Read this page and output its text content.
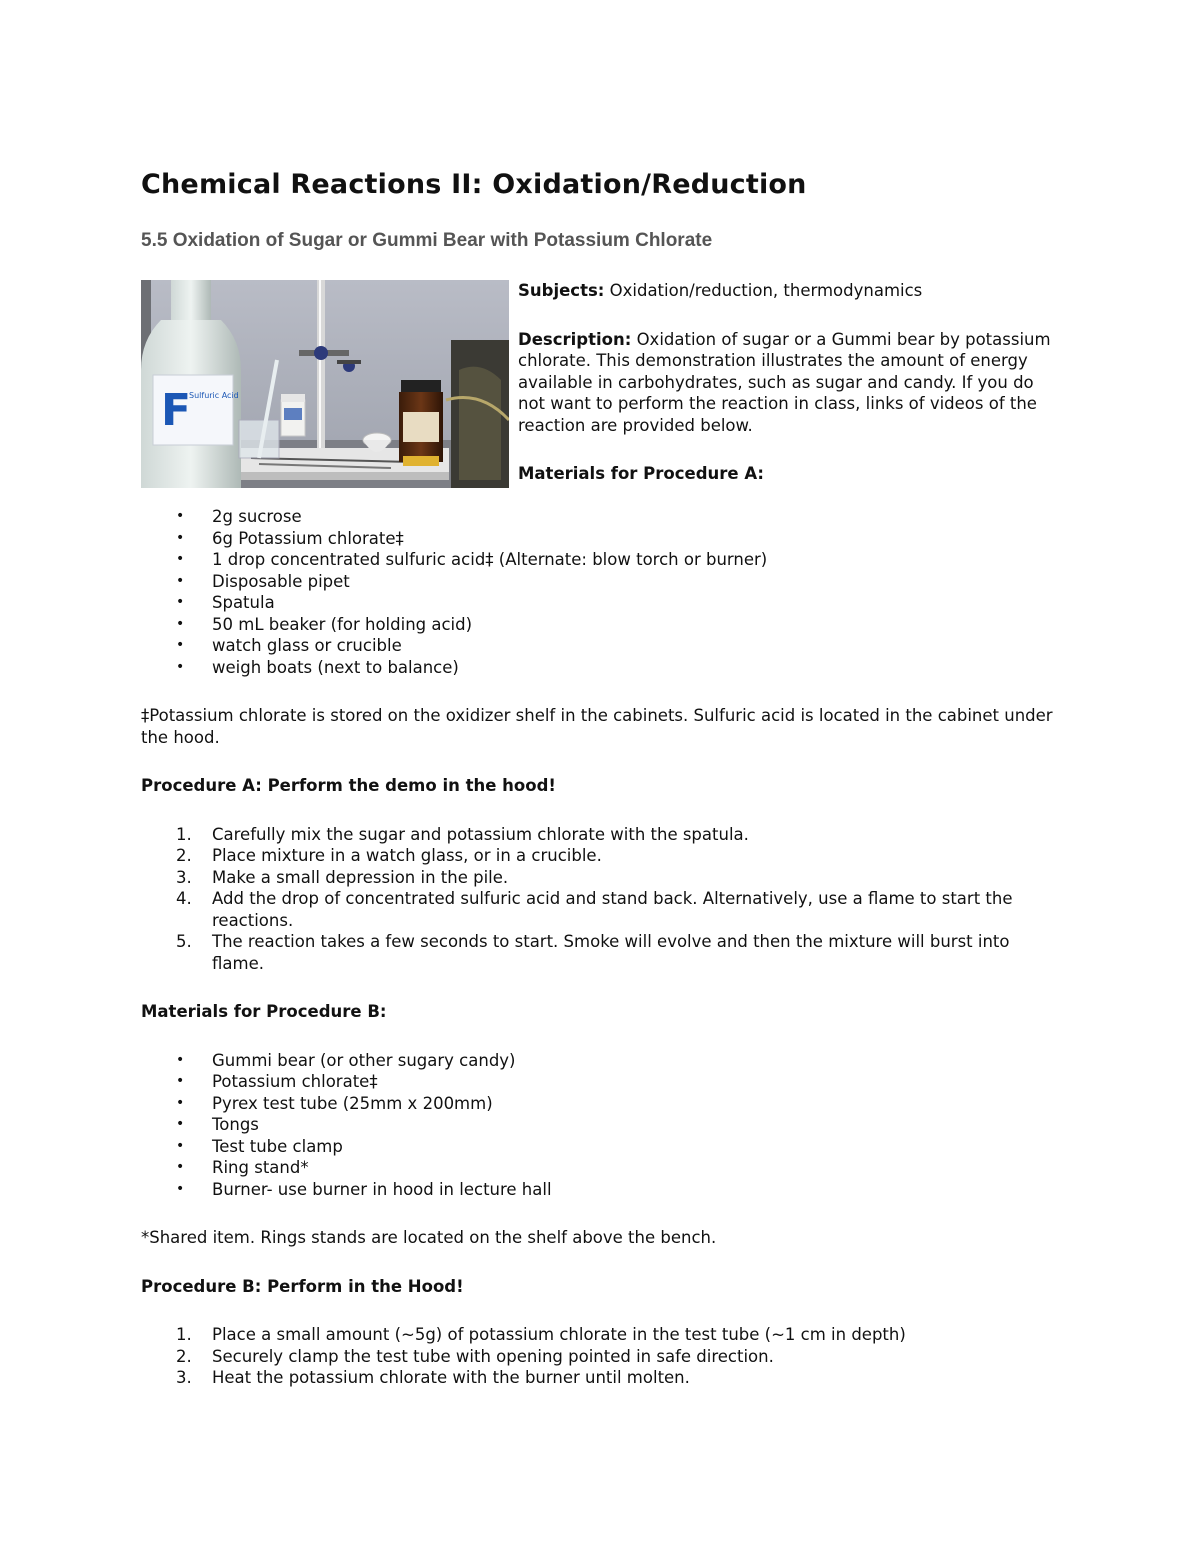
Chemical Reactions II: Oxidation/Reduction
5.5 Oxidation of Sugar or Gummi Bear with Potassium Chlorate
F
Sulfuric Acid

Subjects: Oxidation/reduction, thermodynamics

Description: Oxidation of sugar or a Gummi bear by potassium chlorate. This demonstration illustrates the amount of energy available in carbohydrates, such as sugar and candy. If you do not want to perform the reaction in class, links of videos of the reaction are provided below.

Materials for Procedure A:

• 2g sucrose
• 6g Potassium chlorate‡
• 1 drop concentrated sulfuric acid‡ (Alternate: blow torch or burner)
• Disposable pipet
• Spatula
• 50 mL beaker (for holding acid)
• watch glass or crucible
• weigh boats (next to balance)

‡Potassium chlorate is stored on the oxidizer shelf in the cabinets. Sulfuric acid is located in the cabinet under the hood.

Procedure A: Perform the demo in the hood!

1. Carefully mix the sugar and potassium chlorate with the spatula.
2. Place mixture in a watch glass, or in a crucible.
3. Make a small depression in the pile.
4. Add the drop of concentrated sulfuric acid and stand back. Alternatively, use a flame to start the reactions.
5. The reaction takes a few seconds to start. Smoke will evolve and then the mixture will burst into flame.

Materials for Procedure B:

• Gummi bear (or other sugary candy)
• Potassium chlorate‡
• Pyrex test tube (25mm x 200mm)
• Tongs
• Test tube clamp
• Ring stand*
• Burner- use burner in hood in lecture hall

*Shared item. Rings stands are located on the shelf above the bench.

Procedure B: Perform in the Hood!

1. Place a small amount (~5g) of potassium chlorate in the test tube (~1 cm in depth)
2. Securely clamp the test tube with opening pointed in safe direction.
3. Heat the potassium chlorate with the burner until molten.
